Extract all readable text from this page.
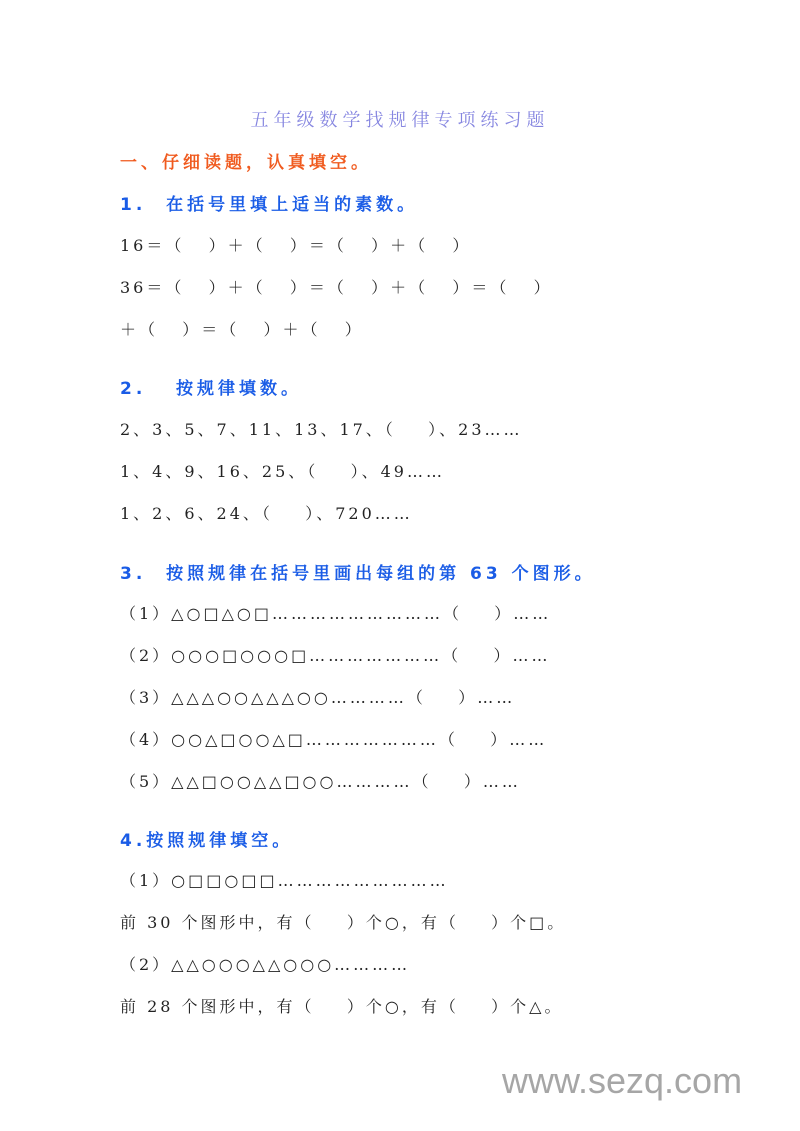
五年级数学找规律专项练习题
一、仔细读题，认真填空。
1.  在括号里填上适当的素数。
16＝（   ）＋（   ）＝（   ）＋（   ）
36＝（   ）＋（   ）＝（   ）＋（   ）＝（   ）
＋（   ）＝（   ）＋（   ）
2.   按规律填数。
2、3、5、7、11、13、17、（    ）、23……
1、4、9、16、25、（    ）、49……
1、2、6、24、（    ）、720……
3.  按照规律在括号里画出每组的第 63 个图形。
（1）△○□△○□………………………（    ）……
（2）○○○□○○○□…………………（    ）……
（3）△△△○○△△△○○…………（    ）……
（4）○○△□○○△□…………………（    ）……
（5）△△□○○△△□○○…………（    ）……
4.按照规律填空。
（1）○□□○□□………………………
前 30 个图形中，有（    ）个○，有（    ）个□。
（2）△△○○○△△○○○…………
前 28 个图形中，有（    ）个○，有（    ）个△。
www.sezq.com
